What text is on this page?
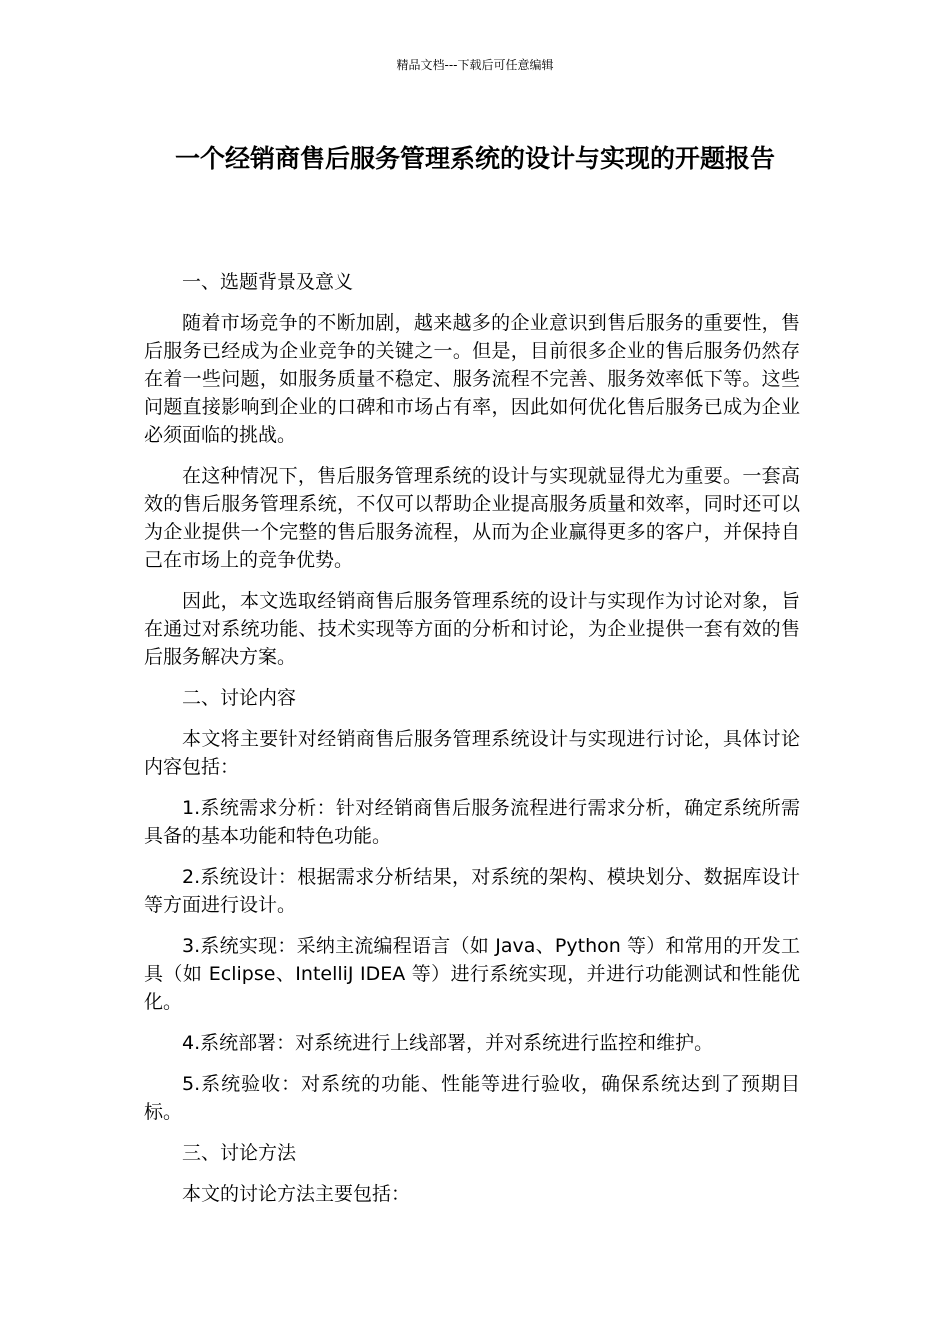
精品文档---下载后可任意编辑
一个经销商售后服务管理系统的设计与实现的开题报告

一、选题背景及意义

随着市场竞争的不断加剧，越来越多的企业意识到售后服务的重要性，售后服务已经成为企业竞争的关键之一。但是，目前很多企业的售后服务仍然存在着一些问题，如服务质量不稳定、服务流程不完善、服务效率低下等。这些问题直接影响到企业的口碑和市场占有率，因此如何优化售后服务已成为企业必须面临的挑战。

在这种情况下，售后服务管理系统的设计与实现就显得尤为重要。一套高效的售后服务管理系统，不仅可以帮助企业提高服务质量和效率，同时还可以为企业提供一个完整的售后服务流程，从而为企业赢得更多的客户，并保持自己在市场上的竞争优势。

因此，本文选取经销商售后服务管理系统的设计与实现作为讨论对象，旨在通过对系统功能、技术实现等方面的分析和讨论，为企业提供一套有效的售后服务解决方案。

二、讨论内容

本文将主要针对经销商售后服务管理系统设计与实现进行讨论，具体讨论内容包括：

1.系统需求分析：针对经销商售后服务流程进行需求分析，确定系统所需具备的基本功能和特色功能。

2.系统设计：根据需求分析结果，对系统的架构、模块划分、数据库设计等方面进行设计。

3.系统实现：采纳主流编程语言（如 Java、Python 等）和常用的开发工具（如 Eclipse、IntelliJ IDEA 等）进行系统实现，并进行功能测试和性能优化。

4.系统部署：对系统进行上线部署，并对系统进行监控和维护。

5.系统验收：对系统的功能、性能等进行验收，确保系统达到了预期目标。

三、讨论方法

本文的讨论方法主要包括：
